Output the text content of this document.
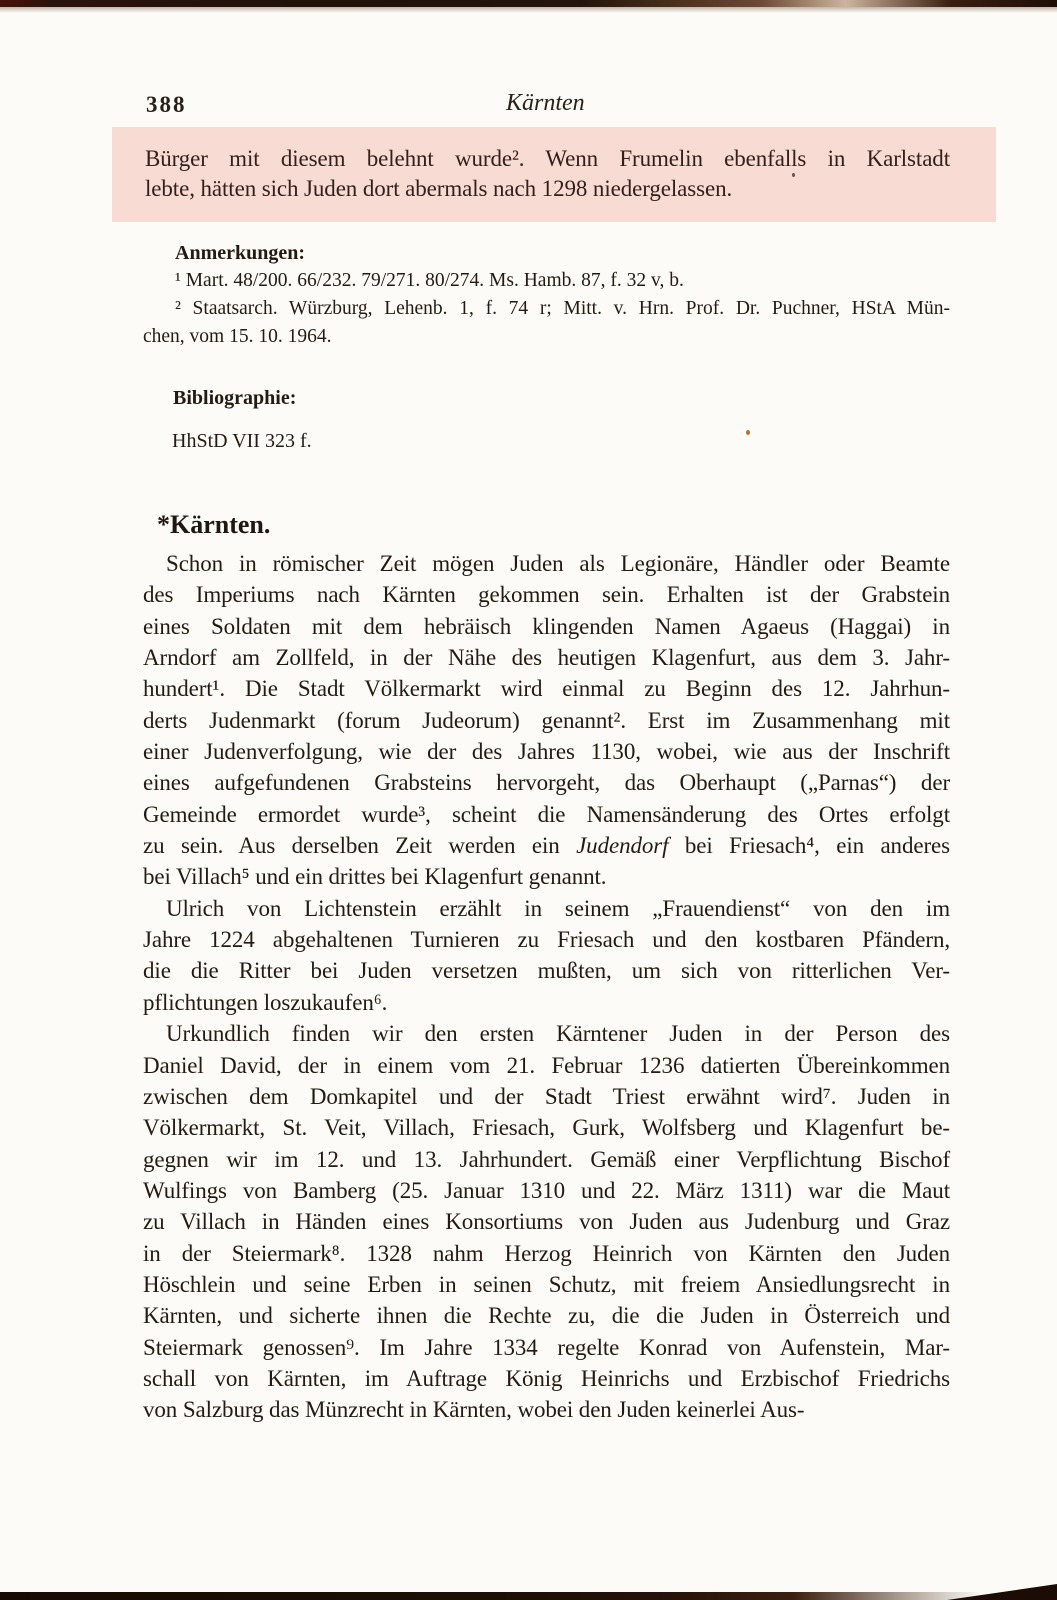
388	Kärnten
Bürger mit diesem belehnt wurde². Wenn Frumelin ebenfalls in Karlstadt
lebte, hätten sich Juden dort abermals nach 1298 niedergelassen.
Anmerkungen:
¹ Mart. 48/200. 66/232. 79/271. 80/274. Ms. Hamb. 87, f. 32 v, b.
² Staatsarch. Würzburg, Lehenb. 1, f. 74 r; Mitt. v. Hrn. Prof. Dr. Puchner, HStA Mün-
chen, vom 15. 10. 1964.
Bibliographie:
HhStD VII 323 f.
*Kärnten.
Schon in römischer Zeit mögen Juden als Legionäre, Händler oder Beamte
des Imperiums nach Kärnten gekommen sein. Erhalten ist der Grabstein
eines Soldaten mit dem hebräisch klingenden Namen Agaeus (Haggai) in
Arndorf am Zollfeld, in der Nähe des heutigen Klagenfurt, aus dem 3. Jahr-
hundert¹. Die Stadt Völkermarkt wird einmal zu Beginn des 12. Jahrhun-
derts Judenmarkt (forum Judeorum) genannt². Erst im Zusammenhang mit
einer Judenverfolgung, wie der des Jahres 1130, wobei, wie aus der Inschrift
eines aufgefundenen Grabsteins hervorgeht, das Oberhaupt („Parnas“) der
Gemeinde ermordet wurde³, scheint die Namensänderung des Ortes erfolgt
zu sein. Aus derselben Zeit werden ein Judendorf bei Friesach⁴, ein anderes
bei Villach⁵ und ein drittes bei Klagenfurt genannt.
Ulrich von Lichtenstein erzählt in seinem „Frauendienst“ von den im
Jahre 1224 abgehaltenen Turnieren zu Friesach und den kostbaren Pfändern,
die die Ritter bei Juden versetzen mußten, um sich von ritterlichen Ver-
pflichtungen loszukaufen⁶.
Urkundlich finden wir den ersten Kärntener Juden in der Person des
Daniel David, der in einem vom 21. Februar 1236 datierten Übereinkommen
zwischen dem Domkapitel und der Stadt Triest erwähnt wird⁷. Juden in
Völkermarkt, St. Veit, Villach, Friesach, Gurk, Wolfsberg und Klagenfurt be-
gegnen wir im 12. und 13. Jahrhundert. Gemäß einer Verpflichtung Bischof
Wulfings von Bamberg (25. Januar 1310 und 22. März 1311) war die Maut
zu Villach in Händen eines Konsortiums von Juden aus Judenburg und Graz
in der Steiermark⁸. 1328 nahm Herzog Heinrich von Kärnten den Juden
Höschlein und seine Erben in seinen Schutz, mit freiem Ansiedlungsrecht in
Kärnten, und sicherte ihnen die Rechte zu, die die Juden in Österreich und
Steiermark genossen⁹. Im Jahre 1334 regelte Konrad von Aufenstein, Mar-
schall von Kärnten, im Auftrage König Heinrichs und Erzbischof Friedrichs
von Salzburg das Münzrecht in Kärnten, wobei den Juden keinerlei Aus-
